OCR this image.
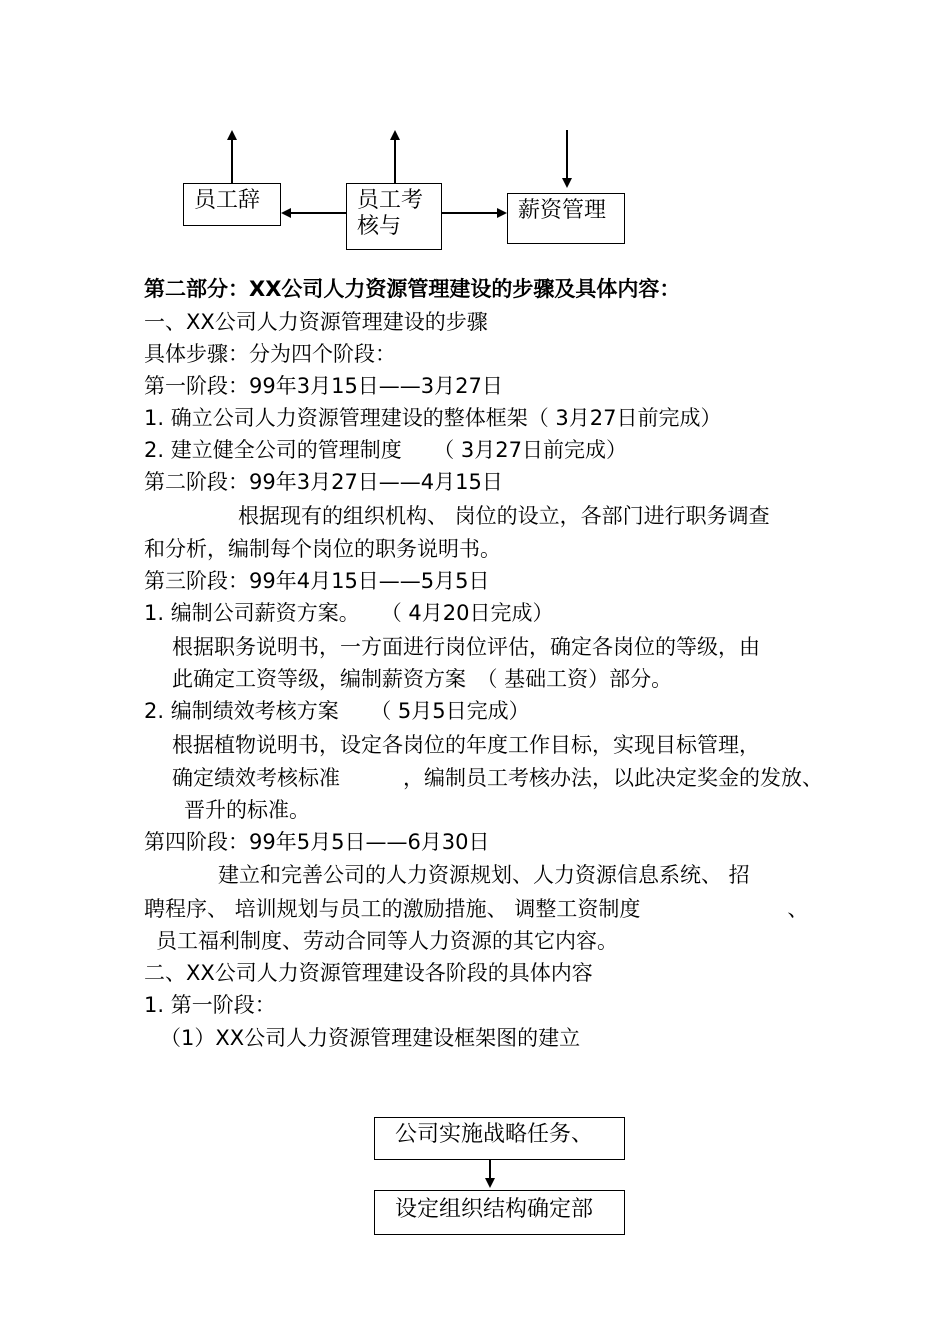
员工辞	员工考核与
薪资管理
第二部分：XX公司人力资源管理建设的步骤及具体内容：
一、XX公司人力资源管理建设的步骤
具体步骤：分为四个阶段：
第一阶段：99年3月15日——3月27日
1. 确立公司人力资源管理建设的整体框架（ 3月27日前完成）
2. 建立健全公司的管理制度　　（ 3月27日前完成）
第二阶段：99年3月27日——4月15日
根据现有的组织机构、 岗位的设立，各部门进行职务调查
和分析，编制每个岗位的职务说明书。
第三阶段：99年4月15日——5月5日
1. 编制公司薪资方案。　　（ 4月20日完成）
根据职务说明书，一方面进行岗位评估，确定各岗位的等级，由
此确定工资等级，编制薪资方案　（ 基础工资）部分。
2. 编制绩效考核方案　　（ 5月5日完成）
根据植物说明书，设定各岗位的年度工作目标，实现目标管理，
确定绩效考核标准　　　，编制员工考核办法，以此决定奖金的发放、
晋升的标准。
第四阶段：99年5月5日——6月30日
建立和完善公司的人力资源规划、人力资源信息系统、 招
聘程序、 培训规划与员工的激励措施、 调整工资制度　　　　　　　、
员工福利制度、劳动合同等人力资源的其它内容。
二、XX公司人力资源管理建设各阶段的具体内容
1. 第一阶段：
（1）XX公司人力资源管理建设框架图的建立
公司实施战略任务、
设定组织结构确定部
